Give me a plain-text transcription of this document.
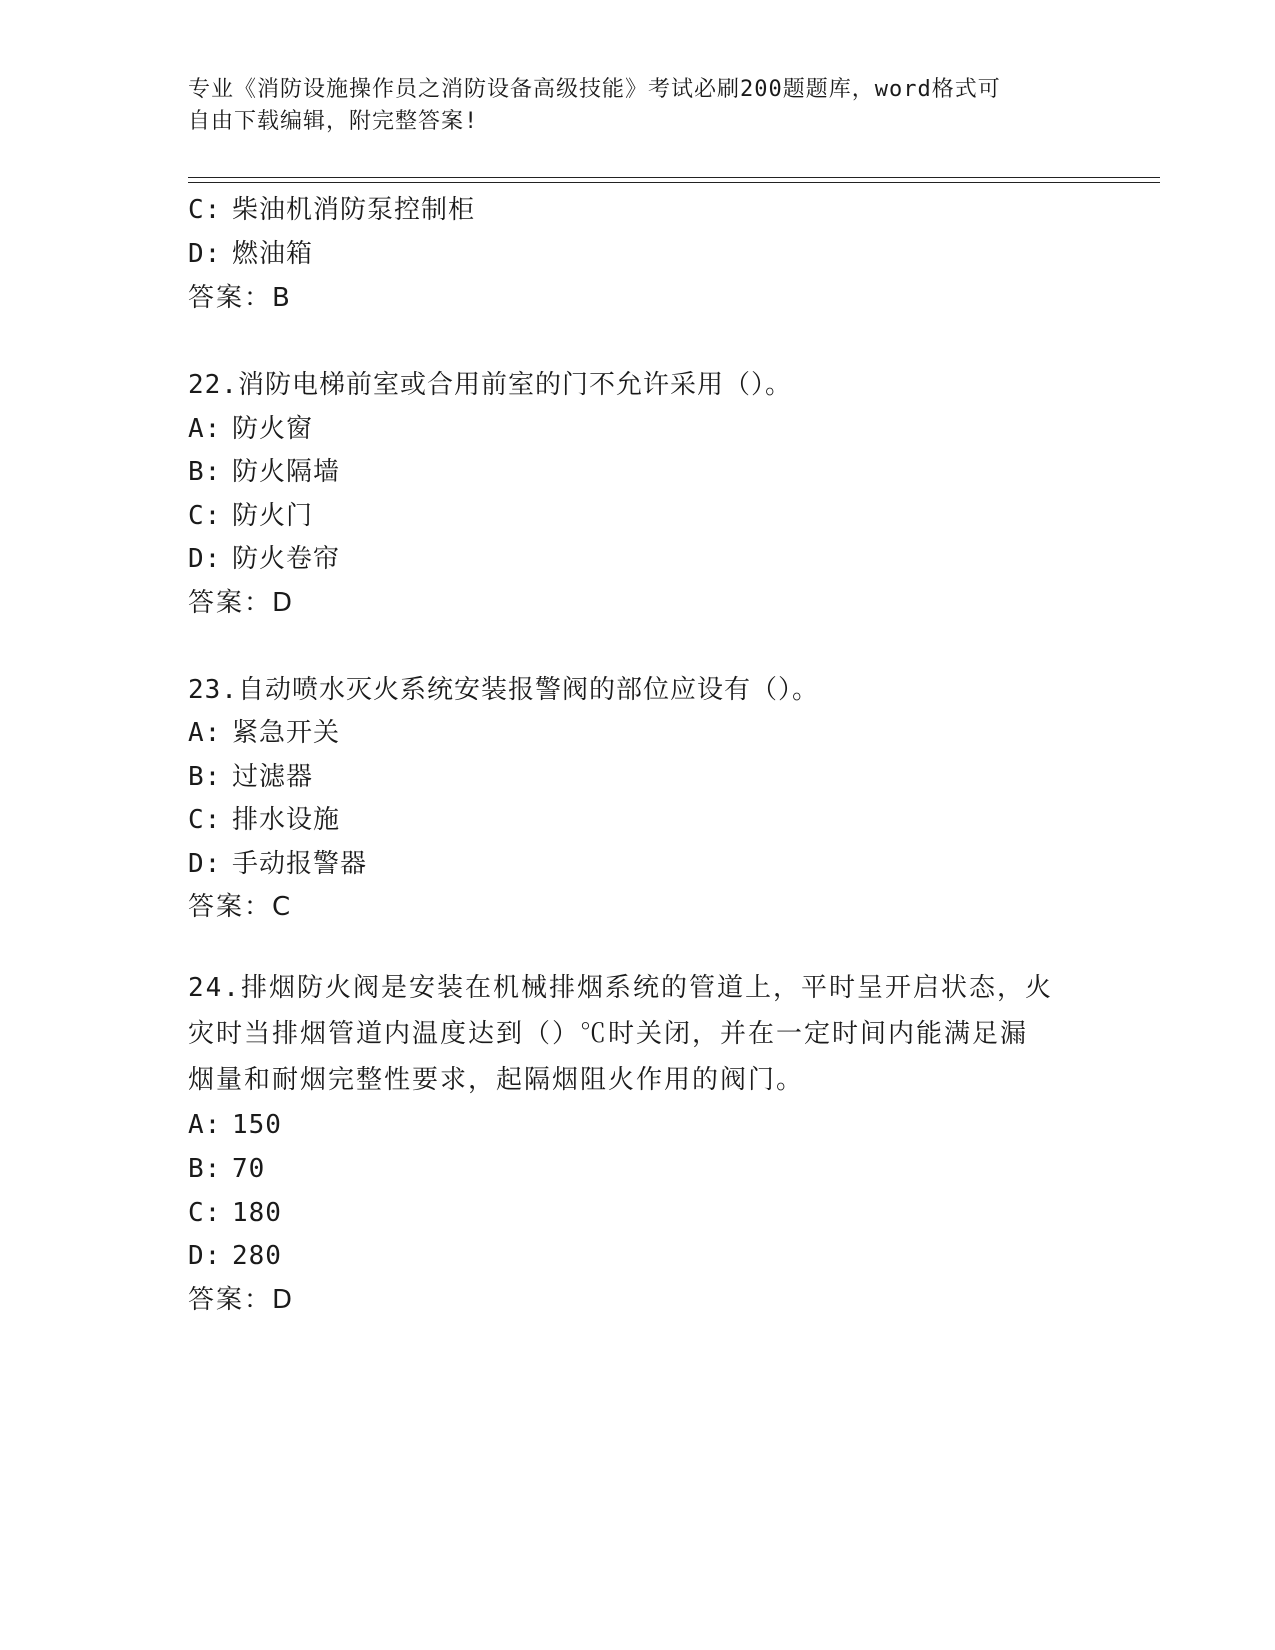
专业《消防设施操作员之消防设备高级技能》考试必刷200题题库，word格式可
自由下载编辑，附完整答案!
C: 柴油机消防泵控制柜
D: 燃油箱
答案：B
22.消防电梯前室或合用前室的门不允许采用（）。
A: 防火窗
B: 防火隔墙
C: 防火门
D: 防火卷帘
答案：D
23.自动喷水灭火系统安装报警阀的部位应设有（）。
A: 紧急开关
B: 过滤器
C: 排水设施
D: 手动报警器
答案：C
24.排烟防火阀是安装在机械排烟系统的管道上，平时呈开启状态，火
灾时当排烟管道内温度达到（）℃时关闭，并在一定时间内能满足漏
烟量和耐烟完整性要求，起隔烟阻火作用的阀门。
A: 150
B: 70
C: 180
D: 280
答案：D
